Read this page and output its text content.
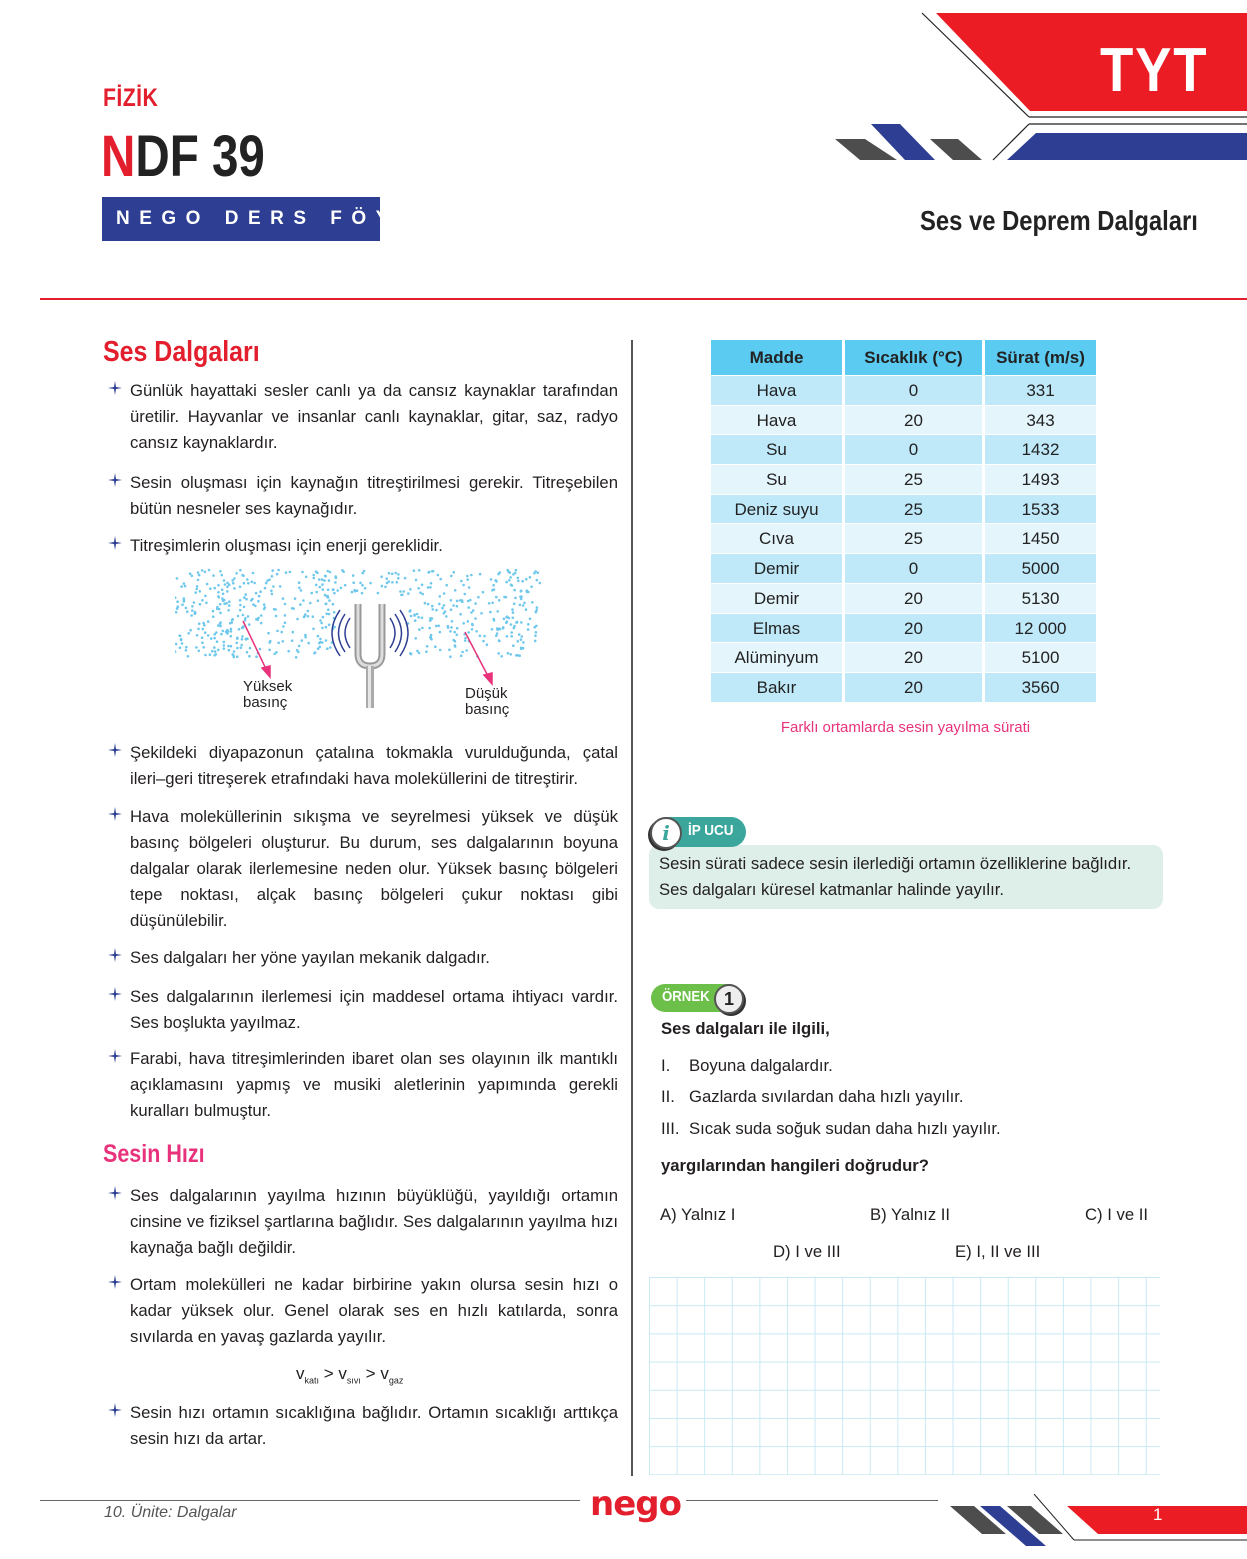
FİZİK
NDF 39
NEGO DERS FÖYÜ
TYT
Ses ve Deprem Dalgaları
Ses Dalgaları
Günlük hayattaki sesler canlı ya da cansız kaynaklar tarafından üretilir. Hayvanlar ve insanlar canlı kaynaklar, gitar, saz, radyo cansız kaynaklardır.
Sesin oluşması için kaynağın titreştirilmesi gerekir. Titreşebilen bütün nesneler ses kaynağıdır.
Titreşimlerin oluşması için enerji gereklidir.
Yüksek
basınç
Düşük
basınç
Şekildeki diyapazonun çatalına tokmakla vurulduğunda, çatal ileri–geri titreşerek etrafındaki hava moleküllerini de titreştirir.
Hava moleküllerinin sıkışma ve seyrelmesi yüksek ve düşük basınç bölgeleri oluşturur. Bu durum, ses dalgalarının boyuna dalgalar olarak ilerlemesine neden olur. Yüksek basınç bölgeleri tepe noktası, alçak basınç bölgeleri çukur noktası gibi düşünülebilir.
Ses dalgaları her yöne yayılan mekanik dalgadır.
Ses dalgalarının ilerlemesi için maddesel ortama ihtiyacı vardır. Ses boşlukta yayılmaz.
Farabi, hava titreşimlerinden ibaret olan ses olayının ilk mantıklı açıklamasını yapmış ve musiki aletlerinin yapımında gerekli kuralları bulmuştur.
Sesin Hızı
Ses dalgalarının yayılma hızının büyüklüğü, yayıldığı ortamın cinsine ve fiziksel şartlarına bağlıdır. Ses dalgalarının yayılma hızı kaynağa bağlı değildir.
Ortam molekülleri ne kadar birbirine yakın olursa sesin hızı o kadar yüksek olur. Genel olarak ses en hızlı katılarda, sonra sıvılarda en yavaş gazlarda yayılır.
$v_{katı} > v_{sıvı} > v_{gaz}$
Sesin hızı ortamın sıcaklığına bağlıdır. Ortamın sıcaklığı arttıkça sesin hızı da artar.
Madde	Sıcaklık (°C)	Sürat (m/s)
Hava	0	331
Hava	20	343
Su	0	1432
Su	25	1493
Deniz suyu	25	1533
Cıva	25	1450
Demir	0	5000
Demir	20	5130
Elmas	20	12 000
Alüminyum	20	5100
Bakır	20	3560
Farklı ortamlarda sesin yayılma sürati
Sesin sürati sadece sesin ilerlediği ortamın özelliklerine bağlıdır. Ses dalgaları küresel katmanlar halinde yayılır.
i	İP UCU
ÖRNEK 1
Ses dalgaları ile ilgili,
I. Boyuna dalgalardır.
II. Gazlarda sıvılardan daha hızlı yayılır.
III. Sıcak suda soğuk sudan daha hızlı yayılır.
yargılarından hangileri doğrudur?
A) Yalnız I	B) Yalnız II	C) I ve II
D) I ve III	E) I, II ve III
10. Ünite: Dalgalar	nego	1
